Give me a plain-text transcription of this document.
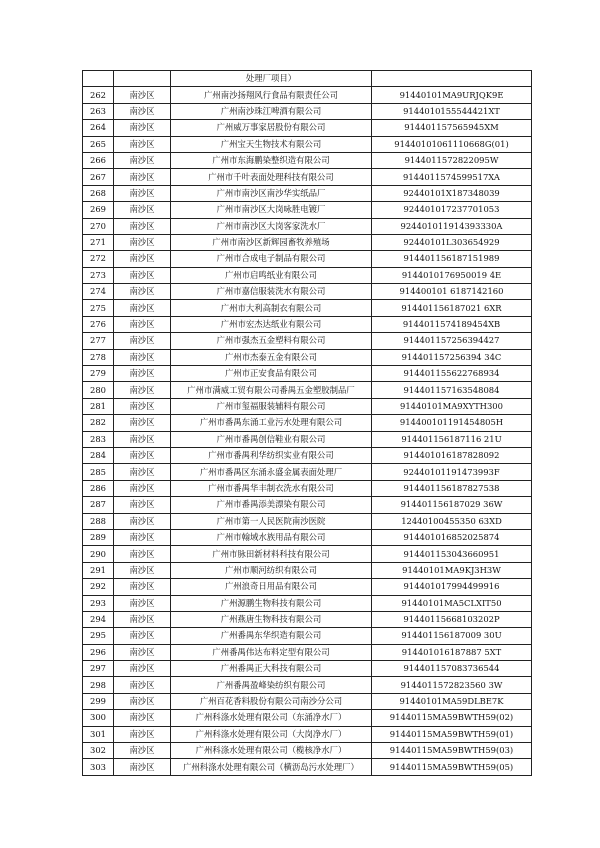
		处理厂项目）	
262	南沙区	广州南沙扬翔风行食品有限责任公司	91440101MA9URJQK9E
263	南沙区	广州南沙珠江啤酒有限公司	9144010155544421XT
264	南沙区	广州威万事家居股份有限公司	914401157565945XM
265	南沙区	广州宝天生物技术有限公司	91440101061110668G(01)
266	南沙区	广州市东海鹏染整织造有限公司	9144011572822095W
267	南沙区	广州市千叶表面处理科技有限公司	9144011574599517XA
268	南沙区	广州市南沙区南沙华实纸品厂	92440101X187348039
269	南沙区	广州市南沙区大岗咏胜电镀厂	924401017237701053
270	南沙区	广州市南沙区大岗客家洗水厂	924401011914393330A
271	南沙区	广州市南沙区新辉园畜牧养殖场	92440101L303654929
272	南沙区	广州市合成电子制品有限公司	914401156187151989
273	南沙区	广州市启鸣纸业有限公司	9144010176950019 4E
274	南沙区	广州市嘉信服装洗水有限公司	914400101 6187142160
275	南沙区	广州市大利高制衣有限公司	914401156187021 6XR
276	南沙区	广州市宏杰达纸业有限公司	9144011574189454XB
277	南沙区	广州市强杰五金塑料有限公司	914401157256394427
278	南沙区	广州市杰泰五金有限公司	914401157256394 34C
279	南沙区	广州市正安食品有限公司	914401155622768934
280	南沙区	广州市满威工贸有限公司番禺五金塑胶制品厂	914401157163548084
281	南沙区	广州市玺福服装辅料有限公司	91440101MA9XYTH300
282	南沙区	广州市番禺东涌工业污水处理有限公司	914400101191454805H
283	南沙区	广州市番禺创信鞋业有限公司	914401156187116 21U
284	南沙区	广州市番禺利华纺织实业有限公司	914401016187828092
285	南沙区	广州市番禺区东涌永盛金属表面处理厂	92440101191473993F
286	南沙区	广州市番禺华丰制衣洗水有限公司	914401156187827538
287	南沙区	广州市番禺添美漂染有限公司	914401156187029 36W
288	南沙区	广州市第一人民医院南沙医院	12440100455350 63XD
289	南沙区	广州市翰域水族用品有限公司	914401016852025874
290	南沙区	广州市脉田新材料科技有限公司	914401153043660951
291	南沙区	广州市顺河纺织有限公司	91440101MA9KJ3H3W
292	南沙区	广州浪奇日用品有限公司	914401017994499916
293	南沙区	广州源鹏生物科技有限公司	91440101MA5CLXIT50
294	南沙区	广州燕唐生物科技有限公司	91440115668103202P
295	南沙区	广州番禺东华织造有限公司	914401156187009 30U
296	南沙区	广州番禺伟达布料定型有限公司	914401016187887 5XT
297	南沙区	广州番禺正大科技有限公司	914401157083736544
298	南沙区	广州番禺盈峰染纺织有限公司	9144011572823560 3W
299	南沙区	广州百花香料股份有限公司南沙分公司	91440101MA59DLBE7K
300	南沙区	广州科涤水处理有限公司（东涌净水厂）	91440115MA59BWTH59(02)
301	南沙区	广州科涤水处理有限公司（大岗净水厂）	91440115MA59BWTH59(01)
302	南沙区	广州科涤水处理有限公司（榄核净水厂）	91440115MA59BWTH59(03)
303	南沙区	广州科涤水处理有限公司（横沥岛污水处理厂）	91440115MA59BWTH59(05)
